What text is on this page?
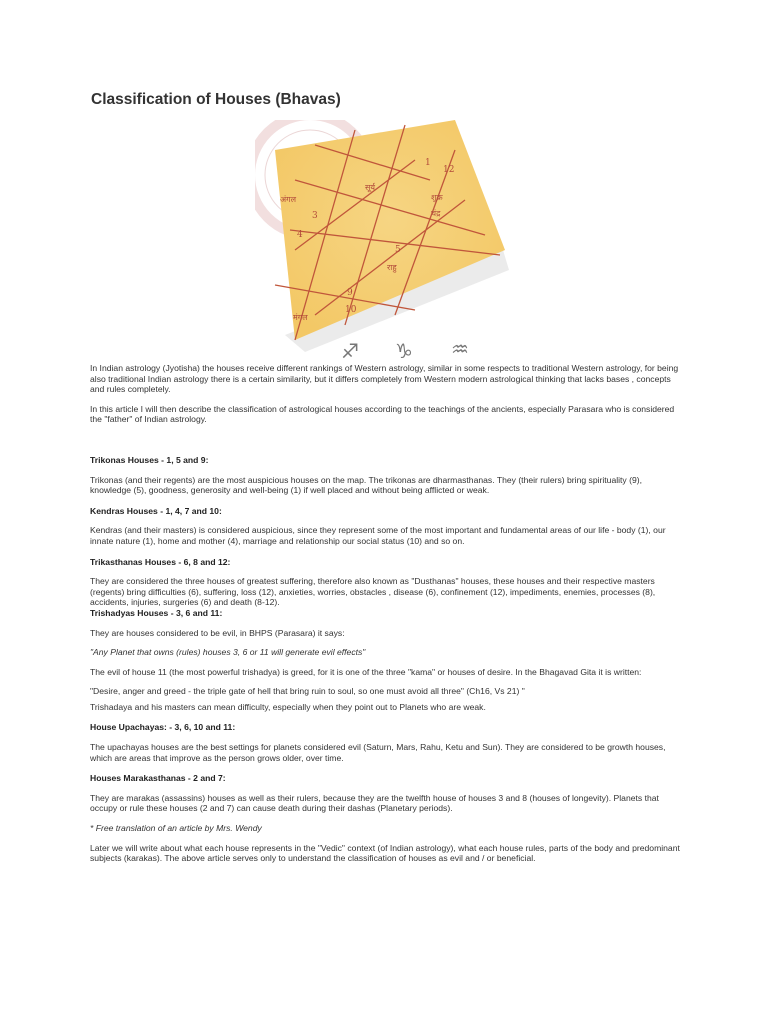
Classification of Houses (Bhavas)
1
12
3
4
5
9
10
सूर्य
शुक्र
चंद्र
राहु
मंगल
अंगल
♐ ♑ ♒

In Indian astrology (Jyotisha) the houses receive different rankings of Western astrology, similar in some respects to traditional Western astrology, for being also traditional Indian astrology there is a certain similarity, but it differs completely from Western modern astrological thinking that lacks bases , concepts and rules completely.

In this article I will then describe the classification of astrological houses according to the teachings of the ancients, especially Parasara who is considered the "father" of Indian astrology.

Trikonas Houses - 1, 5 and 9:

Trikonas (and their regents) are the most auspicious houses on the map. The trikonas are dharmasthanas. They (their rulers) bring spirituality (9), knowledge (5), goodness, generosity and well-being (1) if well placed and without being afflicted or weak.

Kendras Houses - 1, 4, 7 and 10:

Kendras (and their masters) is considered auspicious, since they represent some of the most important and fundamental areas of our life - body (1), our innate nature (1), home and mother (4), marriage and relationship our social status (10) and so on.

Trikasthanas Houses - 6, 8 and 12:

They are considered the three houses of greatest suffering, therefore also known as "Dusthanas" houses, these houses and their respective masters (regents) bring difficulties (6), suffering, loss (12), anxieties, worries, obstacles , disease (6), confinement (12), impediments, enemies, processes (8), accidents, injuries, surgeries (6) and death (8-12).

Trishadyas Houses - 3, 6 and 11:

They are houses considered to be evil, in BHPS (Parasara) it says:

"Any Planet that owns (rules) houses 3, 6 or 11 will generate evil effects"

The evil of house 11 (the most powerful trishadya) is greed, for it is one of the three "kama" or houses of desire. In the Bhagavad Gita it is written:

"Desire, anger and greed - the triple gate of hell that bring ruin to soul, so one must avoid all three" (Ch16, Vs 21) "

Trishadaya and his masters can mean difficulty, especially when they point out to Planets who are weak.

House Upachayas: - 3, 6, 10 and 11:

The upachayas houses are the best settings for planets considered evil (Saturn, Mars, Rahu, Ketu and Sun). They are considered to be growth houses, which are areas that improve as the person grows older, over time.

Houses Marakasthanas - 2 and 7:

They are marakas (assassins) houses as well as their rulers, because they are the twelfth house of houses 3 and 8 (houses of longevity). Planets that occupy or rule these houses (2 and 7) can cause death during their dashas (Planetary periods).

* Free translation of an article by Mrs. Wendy

Later we will write about what each house represents in the "Vedic" context (of Indian astrology), what each house rules, parts of the body and predominant subjects (karakas). The above article serves only to understand the classification of houses as evil and / or beneficial.
